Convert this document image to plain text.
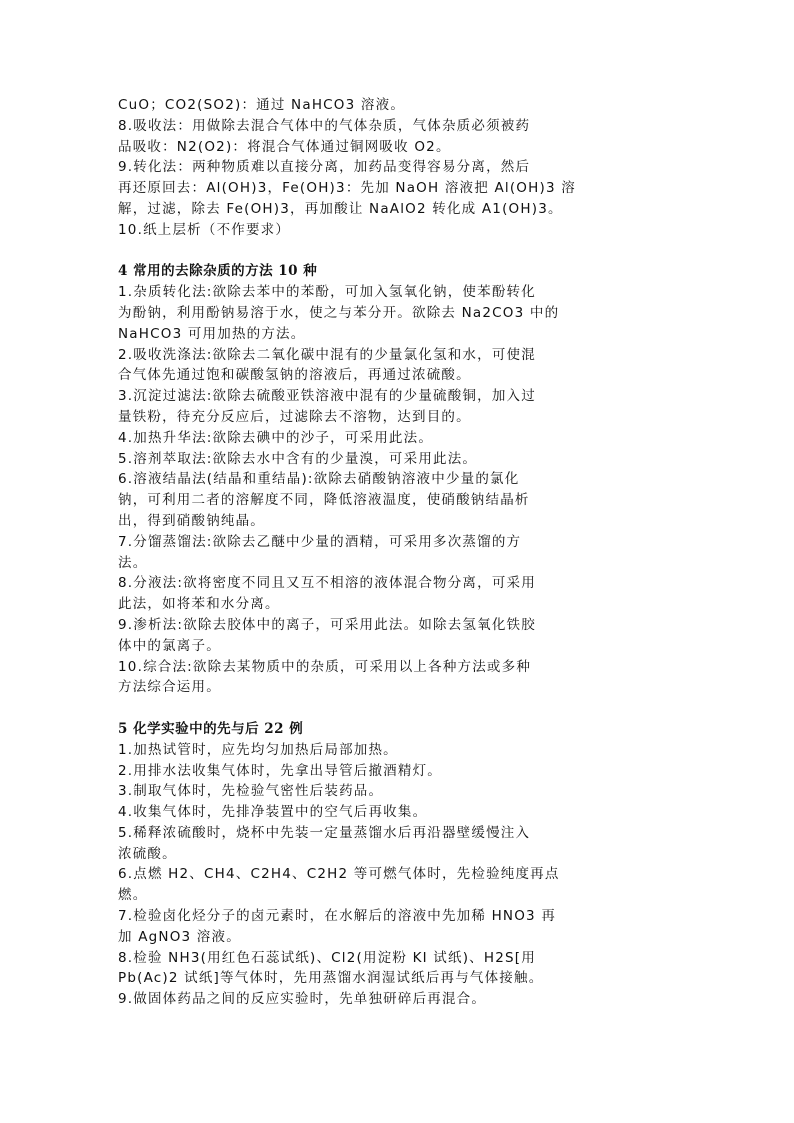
CuO；CO2(SO2)：通过 NaHCO3 溶液。
8.吸收法：用做除去混合气体中的气体杂质，气体杂质必须被药
品吸收：N2(O2)：将混合气体通过铜网吸收 O2。
9.转化法：两种物质难以直接分离，加药品变得容易分离，然后
再还原回去：Al(OH)3，Fe(OH)3：先加 NaOH 溶液把 Al(OH)3 溶
解，过滤，除去 Fe(OH)3，再加酸让 NaAlO2 转化成 A1(OH)3。
10.纸上层析（不作要求）
4 常用的去除杂质的方法 10 种
1.杂质转化法:欲除去苯中的苯酚，可加入氢氧化钠，使苯酚转化
为酚钠，利用酚钠易溶于水，使之与苯分开。欲除去 Na2CO3 中的
NaHCO3 可用加热的方法。
2.吸收洗涤法:欲除去二氧化碳中混有的少量氯化氢和水，可使混
合气体先通过饱和碳酸氢钠的溶液后，再通过浓硫酸。
3.沉淀过滤法:欲除去硫酸亚铁溶液中混有的少量硫酸铜，加入过
量铁粉，待充分反应后，过滤除去不溶物，达到目的。
4.加热升华法:欲除去碘中的沙子，可采用此法。
5.溶剂萃取法:欲除去水中含有的少量溴，可采用此法。
6.溶液结晶法(结晶和重结晶):欲除去硝酸钠溶液中少量的氯化
钠，可利用二者的溶解度不同，降低溶液温度，使硝酸钠结晶析
出，得到硝酸钠纯晶。
7.分馏蒸馏法:欲除去乙醚中少量的酒精，可采用多次蒸馏的方
法。
8.分液法:欲将密度不同且又互不相溶的液体混合物分离，可采用
此法，如将苯和水分离。
9.渗析法:欲除去胶体中的离子，可采用此法。如除去氢氧化铁胶
体中的氯离子。
10.综合法:欲除去某物质中的杂质，可采用以上各种方法或多种
方法综合运用。
5 化学实验中的先与后 22 例
1.加热试管时，应先均匀加热后局部加热。
2.用排水法收集气体时，先拿出导管后撤酒精灯。
3.制取气体时，先检验气密性后装药品。
4.收集气体时，先排净装置中的空气后再收集。
5.稀释浓硫酸时，烧杯中先装一定量蒸馏水后再沿器壁缓慢注入
浓硫酸。
6.点燃 H2、CH4、C2H4、C2H2 等可燃气体时，先检验纯度再点
燃。
7.检验卤化烃分子的卤元素时，在水解后的溶液中先加稀 HNO3 再
加 AgNO3 溶液。
8.检验 NH3(用红色石蕊试纸)、Cl2(用淀粉 KI 试纸)、H2S[用
Pb(Ac)2 试纸]等气体时，先用蒸馏水润湿试纸后再与气体接触。
9.做固体药品之间的反应实验时，先单独研碎后再混合。
